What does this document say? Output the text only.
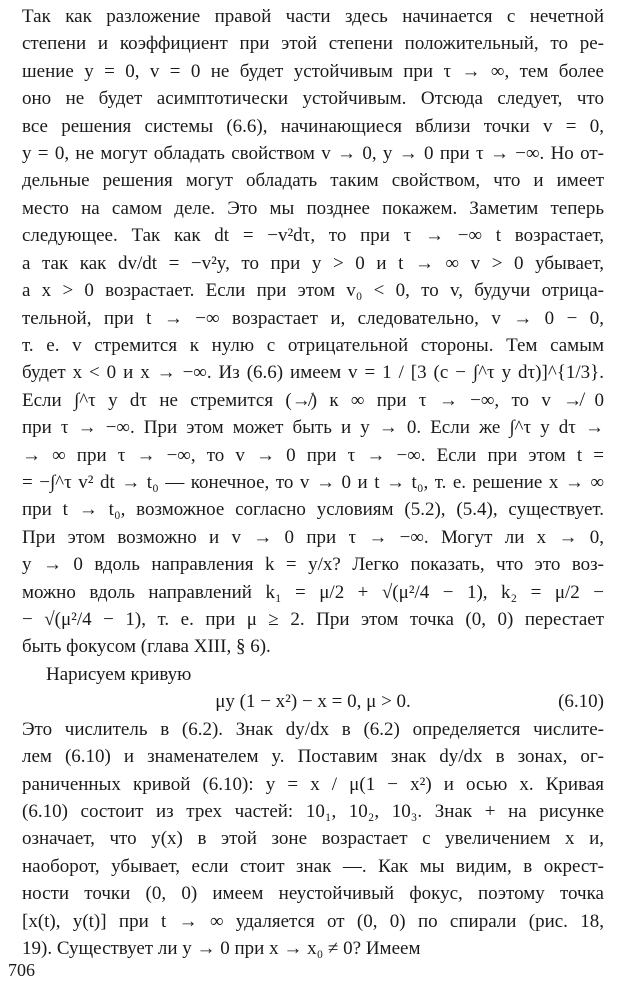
Так как разложение правой части здесь начинается с нечетной
степени и коэффициент при этой степени положительный, то ре-
шение y = 0, v = 0 не будет устойчивым при τ → ∞, тем более
оно не будет асимптотически устойчивым. Отсюда следует, что
все решения системы (6.6), начинающиеся вблизи точки v = 0,
y = 0, не могут обладать свойством v → 0, y → 0 при τ → −∞. Но от-
дельные решения могут обладать таким свойством, что и имеет
место на самом деле. Это мы позднее покажем. Заметим теперь
следующее. Так как dt = −v²dτ, то при τ → −∞ t возрастает,
а так как dv/dt = −v²y, то при y > 0 и t → ∞ v > 0 убывает,
а x > 0 возрастает. Если при этом v₀ < 0, то v, будучи отрица-
тельной, при t → −∞ возрастает и, следовательно, v → 0 − 0,
т. е. v стремится к нулю с отрицательной стороны. Тем самым
будет x < 0 и x → −∞. Из (6.6) имеем v = 1 / [3 (c − ∫^τ y dτ)]^{1/3}.
Если ∫^τ y dτ не стремится (↛) к ∞ при τ → −∞, то v ↛ 0
при τ → −∞. При этом может быть и y → 0. Если же ∫^τ y dτ →
→ ∞ при τ → −∞, то v → 0 при τ → −∞. Если при этом t =
= −∫^τ v² dt → t₀ — конечное, то v → 0 и t → t₀, т. е. решение x → ∞
при t → t₀, возможное согласно условиям (5.2), (5.4), существует.
При этом возможно и v → 0 при τ → −∞. Могут ли x → 0,
y → 0 вдоль направления k = y/x? Легко показать, что это воз-
можно вдоль направлений k₁ = μ/2 + √(μ²/4 − 1), k₂ = μ/2 −
− √(μ²/4 − 1), т. е. при μ ≥ 2. При этом точка (0, 0) перестает
быть фокусом (глава XIII, § 6).
Нарисуем кривую
μy (1 − x²) − x = 0, μ > 0.	(6.10)
Это числитель в (6.2). Знак dy/dx в (6.2) определяется числите-
лем (6.10) и знаменателем y. Поставим знак dy/dx в зонах, ог-
раниченных кривой (6.10): y = x / μ(1 − x²) и осью x. Кривая
(6.10) состоит из трех частей: 10₁, 10₂, 10₃. Знак + на рисунке
означает, что y(x) в этой зоне возрастает с увеличением x и,
наоборот, убывает, если стоит знак —. Как мы видим, в окрест-
ности точки (0, 0) имеем неустойчивый фокус, поэтому точка
[x(t), y(t)] при t → ∞ удаляется от (0, 0) по спирали (рис. 18,
19). Существует ли y → 0 при x → x₀ ≠ 0? Имеем
706
